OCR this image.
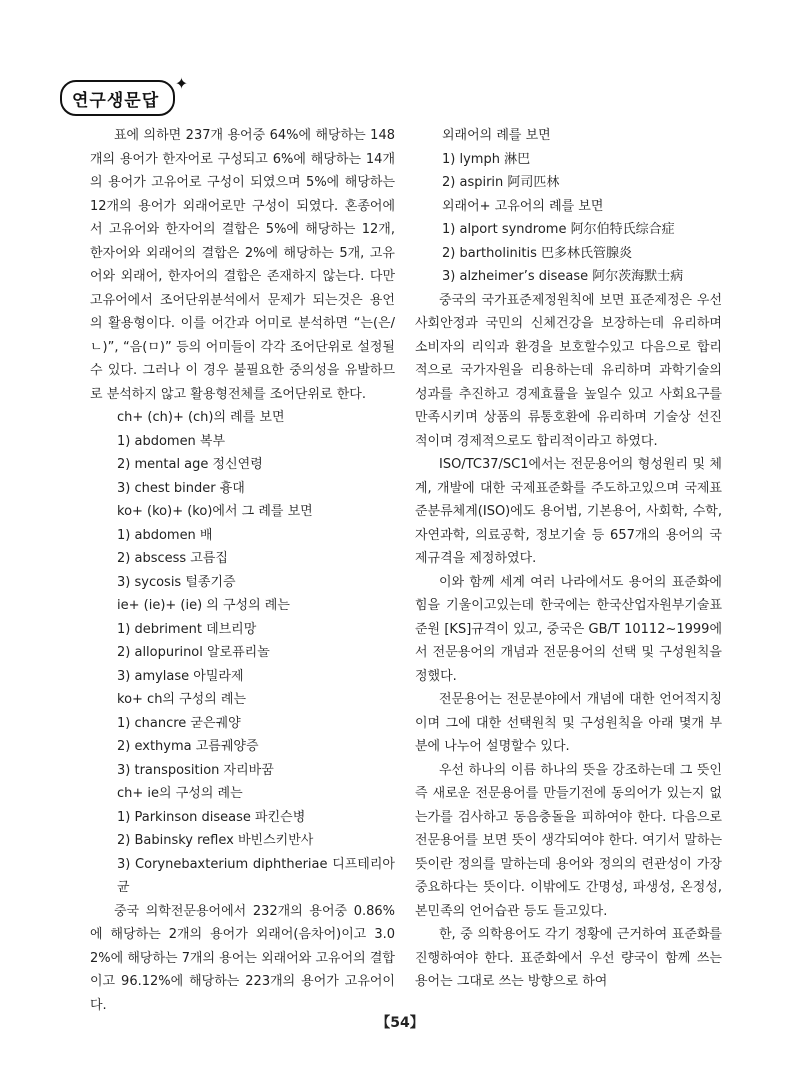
연구생문답
✦

표에 의하면 237개 용어중 64%에 해당하는 148개의 용어가 한자어로 구성되고 6%에 해당하는 14개의 용어가 고유어로 구성이 되였으며 5%에 해당하는 12개의 용어가 외래어로만 구성이 되였다. 혼종어에서 고유어와 한자어의 결합은 5%에 해당하는 12개, 한자어와 외래어의 결합은 2%에 해당하는 5개, 고유어와 외래어, 한자어의 결합은 존재하지 않는다. 다만 고유어에서 조어단위분석에서 문제가 되는것은 용언의 활용형이다. 이를 어간과 어미로 분석하면 “는(은/ㄴ)”, “음(ㅁ)” 등의 어미들이 각각 조어단위로 설정될수 있다. 그러나 이 경우 불필요한 중의성을 유발하므로 분석하지 않고 활용형전체를 조어단위로 한다.

ch+ (ch)+ (ch)의 례를 보면

1) abdomen 복부

2) mental age 정신연령

3) chest binder 흉대

ko+ (ko)+ (ko)에서 그 례를 보면

1) abdomen 배

2) abscess 고름집

3) sycosis 털종기증

ie+ (ie)+ (ie) 의 구성의 례는

1) debriment 데브리망

2) allopurinol 알로퓨리놀

3) amylase 아밀라제

ko+ ch의 구성의 례는

1) chancre 굳은궤양

2) exthyma 고름궤양증

3) transposition 자리바꿈

ch+ ie의 구성의 례는

1) Parkinson disease 파킨슨병

2) Babinsky reflex 바빈스키반사

3) Corynebaxterium diphtheriae 디프테리아균

중국 의학전문용어에서 232개의 용어중 0.86%에 해당하는 2개의 용어가 외래어(음차어)이고 3.02%에 해당하는 7개의 용어는 외래어와 고유어의 결합이고 96.12%에 해당하는 223개의 용어가 고유어이다.

외래어의 례를 보면

1) lymph 淋巴

2) aspirin 阿司匹林

외래어+ 고유어의 례를 보면

1) alport syndrome 阿尔伯特氏综合症

2) bartholinitis 巴多林氏管腺炎

3) alzheimer’s disease 阿尔茨海默士病

중국의 국가표준제정원칙에 보면 표준제정은 우선 사회안정과 국민의 신체건강을 보장하는데 유리하며 소비자의 리익과 환경을 보호할수있고 다음으로 합리적으로 국가자원을 리용하는데 유리하며 과학기술의 성과를 추진하고 경제효률을 높일수 있고 사회요구를 만족시키며 상품의 류통호환에 유리하며 기술상 선진적이며 경제적으로도 합리적이라고 하였다.

ISO/TC37/SC1에서는 전문용어의 형성원리 및 체계, 개발에 대한 국제표준화를 주도하고있으며 국제표준분류체계(ISO)에도 용어법, 기본용어, 사회학, 수학, 자연과학, 의료공학, 정보기술 등 657개의 용어의 국제규격을 제정하였다.

이와 함께 세계 여러 나라에서도 용어의 표준화에 힘을 기울이고있는데 한국에는 한국산업자원부기술표준원 [KS]규격이 있고, 중국은 GB/T 10112~1999에서 전문용어의 개념과 전문용어의 선택 및 구성원칙을 정했다.

전문용어는 전문분야에서 개념에 대한 언어적지칭이며 그에 대한 선택원칙 및 구성원칙을 아래 몇개 부분에 나누어 설명할수 있다.

우선 하나의 이름 하나의 뜻을 강조하는데 그 뜻인즉 새로운 전문용어를 만들기전에 동의어가 있는지 없는가를 검사하고 동음충돌을 피하여야 한다. 다음으로 전문용어를 보면 뜻이 생각되여야 한다. 여기서 말하는 뜻이란 정의를 말하는데 용어와 정의의 련관성이 가장 중요하다는 뜻이다. 이밖에도 간명성, 파생성, 온정성, 본민족의 언어습관 등도 들고있다.

한, 중 의학용어도 각기 정황에 근거하여 표준화를 진행하여야 한다. 표준화에서 우선 량국이 함께 쓰는 용어는 그대로 쓰는 방향으로 하여

【54】
